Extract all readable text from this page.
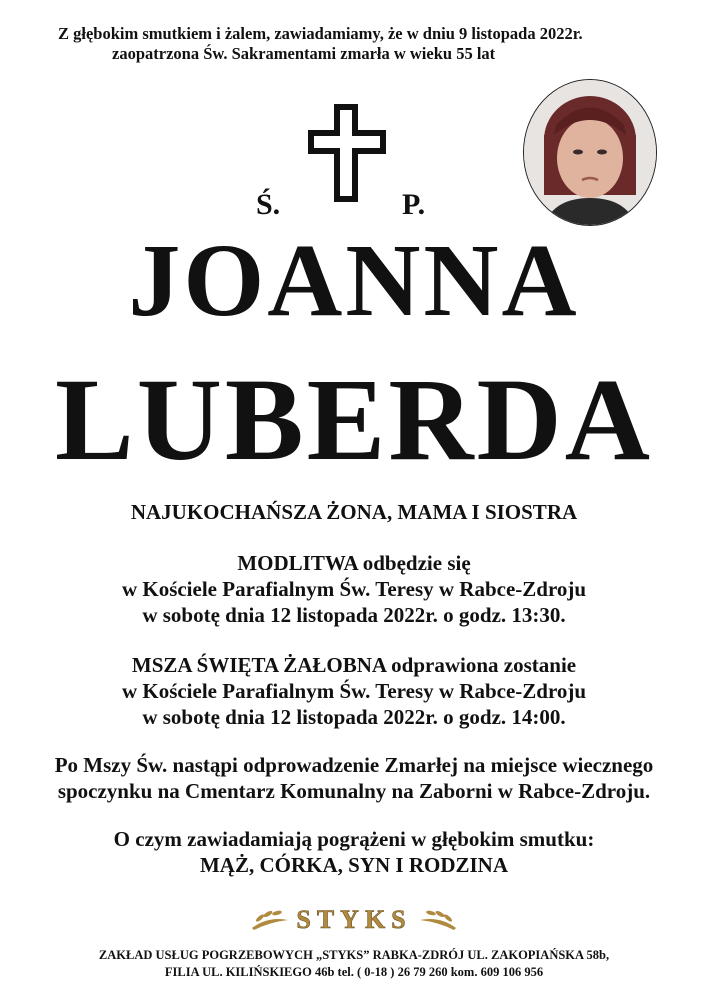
Z głębokim smutkiem i żalem, zawiadamiamy, że w dniu 9 listopada 2022r.
zaopatrzona Św. Sakramentami zmarła w wieku 55 lat
Ś.	P.
JOANNA
LUBERDA
NAJUKOCHAŃSZA ŻONA, MAMA I SIOSTRA
MODLITWA odbędzie się
w Kościele Parafialnym Św. Teresy w Rabce-Zdroju
w sobotę dnia 12 listopada 2022r. o godz. 13:30.
MSZA ŚWIĘTA ŻAŁOBNA odprawiona zostanie
w Kościele Parafialnym Św. Teresy w Rabce-Zdroju
w sobotę dnia 12 listopada 2022r. o godz. 14:00.
Po Mszy Św. nastąpi odprowadzenie Zmarłej na miejsce wiecznego
spoczynku na Cmentarz Komunalny na Zaborni w Rabce-Zdroju.
O czym zawiadamiają pogrążeni w głębokim smutku:
MĄŻ, CÓRKA, SYN I RODZINA
STYKS
ZAKŁAD USŁUG POGRZEBOWYCH „STYKS” RABKA-ZDRÓJ UL. ZAKOPIAŃSKA 58b,
FILIA UL. KILIŃSKIEGO 46b tel. ( 0-18 ) 26 79 260 kom. 609 106 956
